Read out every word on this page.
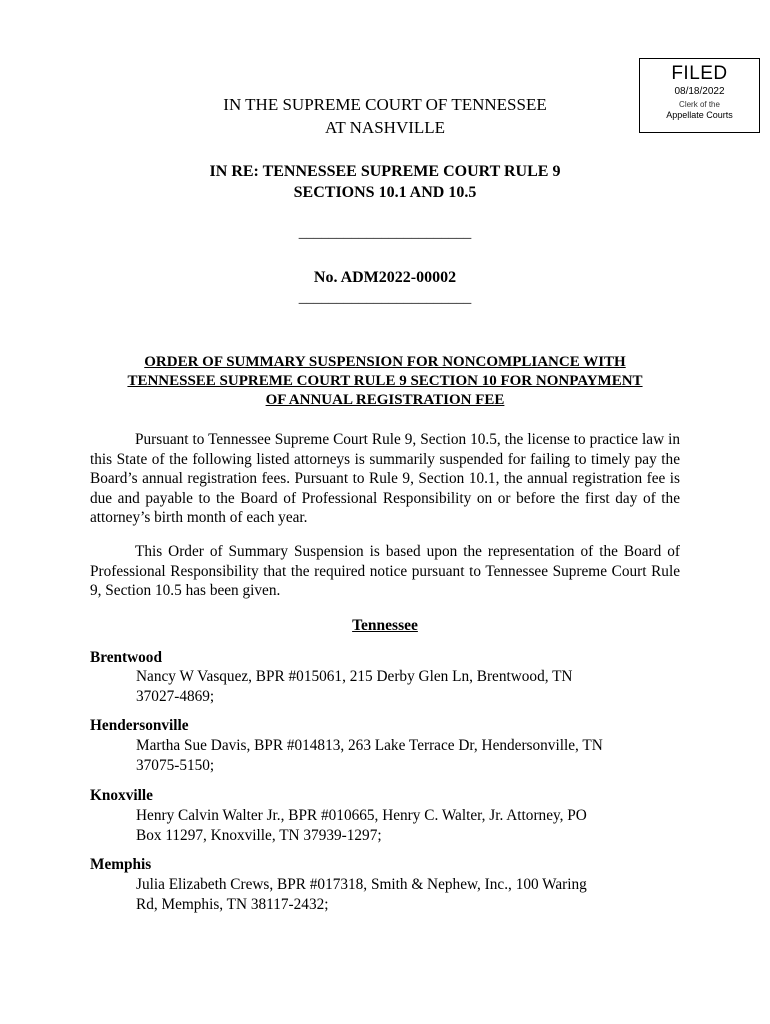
FILED
08/18/2022
Clerk of the
Appellate Courts
IN THE SUPREME COURT OF TENNESSEE
AT NASHVILLE
IN RE: TENNESSEE SUPREME COURT RULE 9
SECTIONS 10.1 AND 10.5
_______________________
No. ADM2022-00002
_______________________
ORDER OF SUMMARY SUSPENSION FOR NONCOMPLIANCE WITH
TENNESSEE SUPREME COURT RULE 9 SECTION 10 FOR NONPAYMENT
OF ANNUAL REGISTRATION FEE

Pursuant to Tennessee Supreme Court Rule 9, Section 10.5, the license to practice law in this State of the following listed attorneys is summarily suspended for failing to timely pay the Board’s annual registration fees. Pursuant to Rule 9, Section 10.1, the annual registration fee is due and payable to the Board of Professional Responsibility on or before the first day of the attorney’s birth month of each year.

This Order of Summary Suspension is based upon the representation of the Board of Professional Responsibility that the required notice pursuant to Tennessee Supreme Court Rule 9, Section 10.5 has been given.

Tennessee
Brentwood
Nancy W Vasquez, BPR #015061, 215 Derby Glen Ln, Brentwood, TN
37027-4869;
Hendersonville
Martha Sue Davis, BPR #014813, 263 Lake Terrace Dr, Hendersonville, TN
37075-5150;
Knoxville
Henry Calvin Walter Jr., BPR #010665, Henry C. Walter, Jr. Attorney, PO
Box 11297, Knoxville, TN 37939-1297;
Memphis
Julia Elizabeth Crews, BPR #017318, Smith & Nephew, Inc., 100 Waring
Rd, Memphis, TN 38117-2432;
